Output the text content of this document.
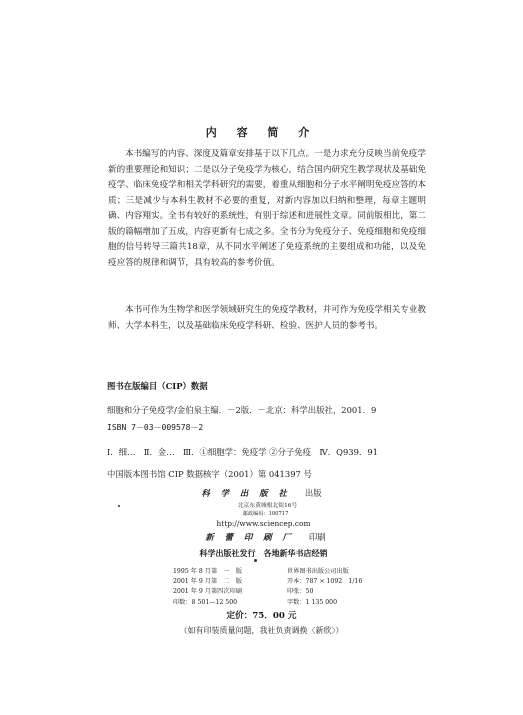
内 容 简 介

本书编写的内容、深度及篇章安排基于以下几点。一是力求充分反映当前免疫学新的重要理论和知识；二是以分子免疫学为核心，结合国内研究生教学现状及基础免疫学、临床免疫学和相关学科研究的需要，着重从细胞和分子水平阐明免疫应答的本质；三是减少与本科生教材不必要的重复，对新内容加以归纳和整理，每章主题明确、内容翔实。全书有较好的系统性，有别于综述和进展性文章。同前版相比，第二版的篇幅增加了五成，内容更新有七成之多。全书分为免疫分子、免疫细胞和免疫细胞的信号转导三篇共18章，从不同水平阐述了免疫系统的主要组成和功能，以及免疫应答的规律和调节，具有较高的参考价值。

本书可作为生物学和医学领域研究生的免疫学教材，并可作为免疫学相关专业教师、大学本科生，以及基础临床免疫学科研、检验、医护人员的参考书。

图书在版编目（CIP）数据
细胞和分子免疫学/金伯泉主编．－2版．－北京：科学出版社，2001．9
ISBN 7－03－009578－2
Ⅰ．细…　Ⅱ．金…　Ⅲ．①细胞学：免疫学 ②分子免疫　Ⅳ．Q939．91
中国版本图书馆 CIP 数据核字（2001）第 041397 号
科 学 出 版 社 出版
北京东黄城根北街16号
邮政编码：100717
http://www.sciencep.com
新 蕾 印 刷 厂 印刷
科学出版社发行　各地新华书店经销
1995 年 8 月第　一　版
2001 年 9 月第　二　版
2001 年 9 月第四次印刷
印数：8 501—12 500
世界图书出版公司出版
开本：787 × 1092　1/16
印张：50
字数：1 135 000
定价：75．00 元
（如有印装质量问题，我社负责调换〈新欣〉）
